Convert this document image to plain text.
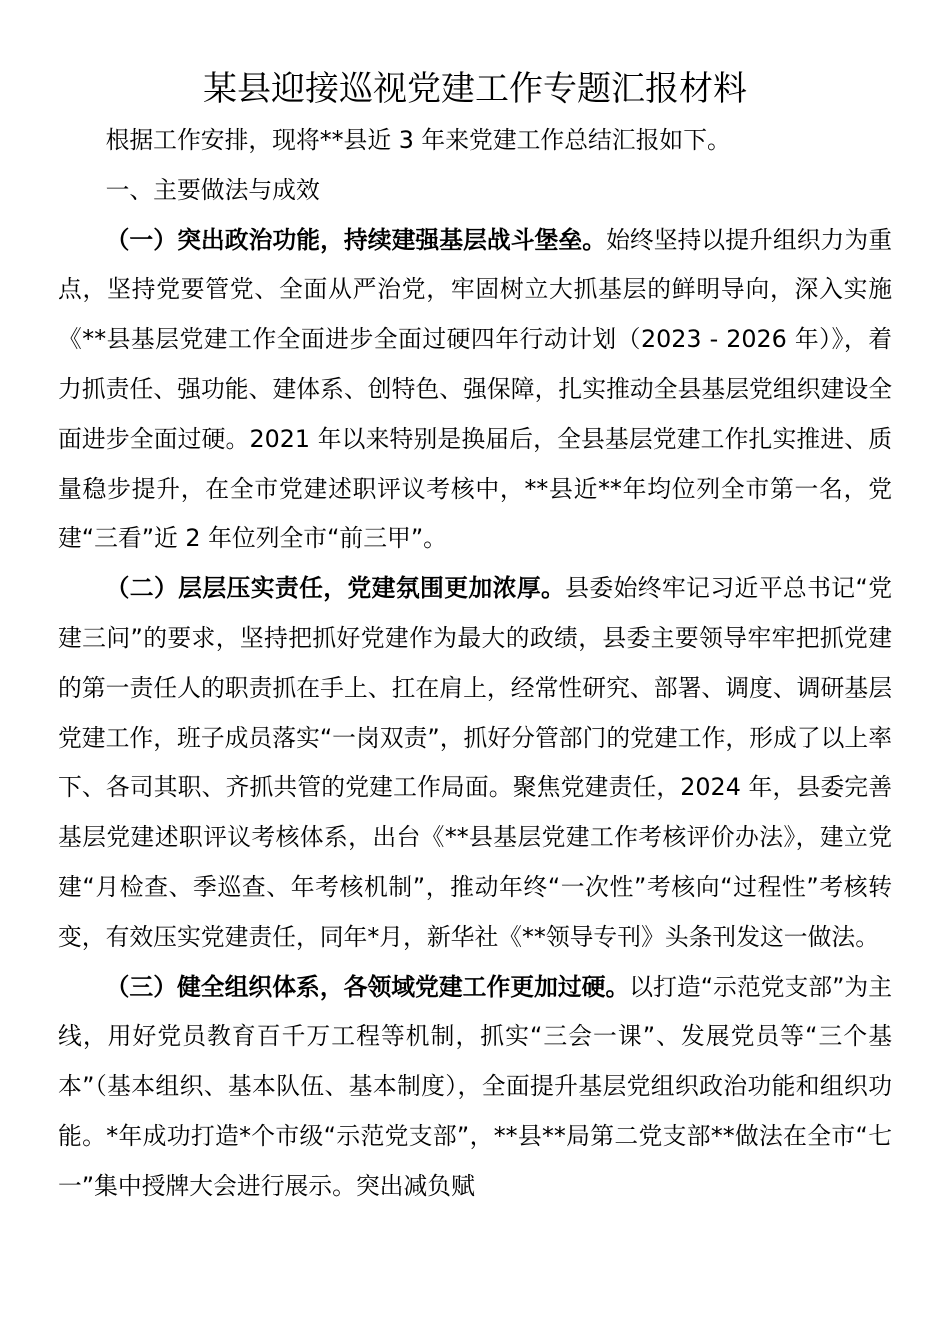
某县迎接巡视党建工作专题汇报材料

根据工作安排，现将**县近 3 年来党建工作总结汇报如下。

一、主要做法与成效

（一）突出政治功能，持续建强基层战斗堡垒。始终坚持以提升组织力为重点，坚持党要管党、全面从严治党，牢固树立大抓基层的鲜明导向，深入实施《**县基层党建工作全面进步全面过硬四年行动计划（2023 - 2026 年）》，着力抓责任、强功能、建体系、创特色、强保障，扎实推动全县基层党组织建设全面进步全面过硬。2021 年以来特别是换届后，全县基层党建工作扎实推进、质量稳步提升，在全市党建述职评议考核中，**县近**年均位列全市第一名，党建“三看”近 2 年位列全市“前三甲”。

（二）层层压实责任，党建氛围更加浓厚。县委始终牢记习近平总书记“党建三问”的要求，坚持把抓好党建作为最大的政绩，县委主要领导牢牢把抓党建的第一责任人的职责抓在手上、扛在肩上，经常性研究、部署、调度、调研基层党建工作，班子成员落实“一岗双责”，抓好分管部门的党建工作，形成了以上率下、各司其职、齐抓共管的党建工作局面。聚焦党建责任，2024 年，县委完善基层党建述职评议考核体系，出台《**县基层党建工作考核评价办法》，建立党建“月检查、季巡查、年考核机制”，推动年终“一次性”考核向“过程性”考核转变，有效压实党建责任，同年*月，新华社《**领导专刊》头条刊发这一做法。

（三）健全组织体系，各领域党建工作更加过硬。以打造“示范党支部”为主线，用好党员教育百千万工程等机制，抓实“三会一课”、发展党员等“三个基本”（基本组织、基本队伍、基本制度），全面提升基层党组织政治功能和组织功能。*年成功打造*个市级“示范党支部”，**县**局第二党支部**做法在全市“七一”集中授牌大会进行展示。突出减负赋
